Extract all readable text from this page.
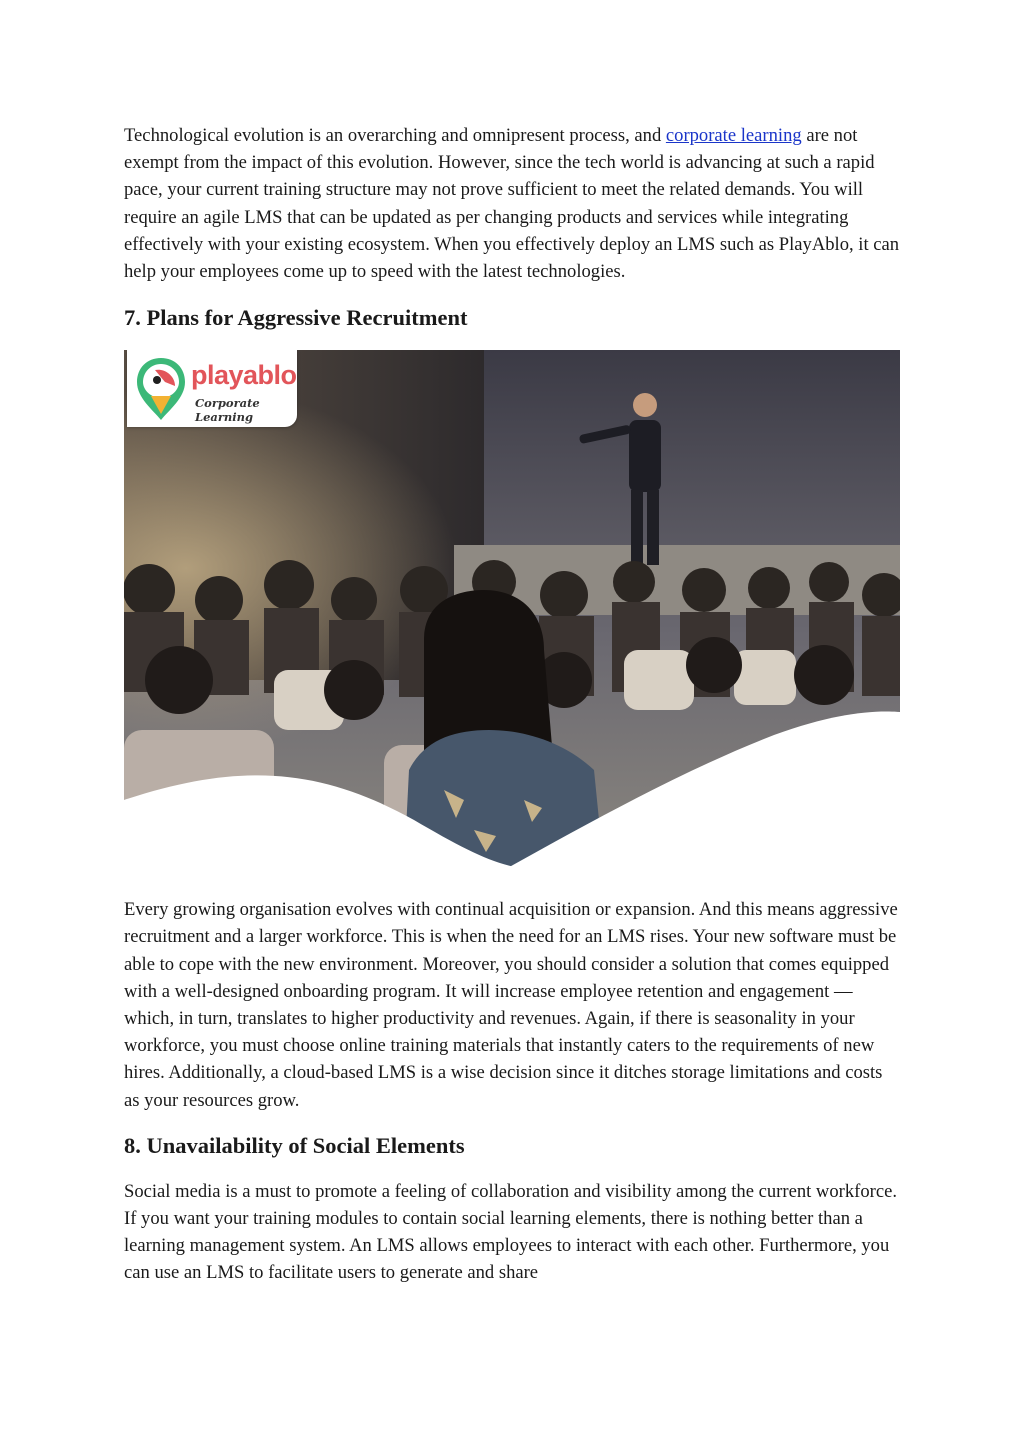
Technological evolution is an overarching and omnipresent process, and corporate learning are not exempt from the impact of this evolution. However, since the tech world is advancing at such a rapid pace, your current training structure may not prove sufficient to meet the related demands. You will require an agile LMS that can be updated as per changing products and services while integrating effectively with your existing ecosystem. When you effectively deploy an LMS such as PlayAblo, it can help your employees come up to speed with the latest technologies.

7. Plans for Aggressive Recruitment
playablo
Corporate Learning

Every growing organisation evolves with continual acquisition or expansion. And this means aggressive recruitment and a larger workforce. This is when the need for an LMS rises. Your new software must be able to cope with the new environment. Moreover, you should consider a solution that comes equipped with a well-designed onboarding program. It will increase employee retention and engagement — which, in turn, translates to higher productivity and revenues. Again, if there is seasonality in your workforce, you must choose online training materials that instantly caters to the requirements of new hires. Additionally, a cloud-based LMS is a wise decision since it ditches storage limitations and costs as your resources grow.

8. Unavailability of Social Elements

Social media is a must to promote a feeling of collaboration and visibility among the current workforce. If you want your training modules to contain social learning elements, there is nothing better than a learning management system. An LMS allows employees to interact with each other. Furthermore, you can use an LMS to facilitate users to generate and share
